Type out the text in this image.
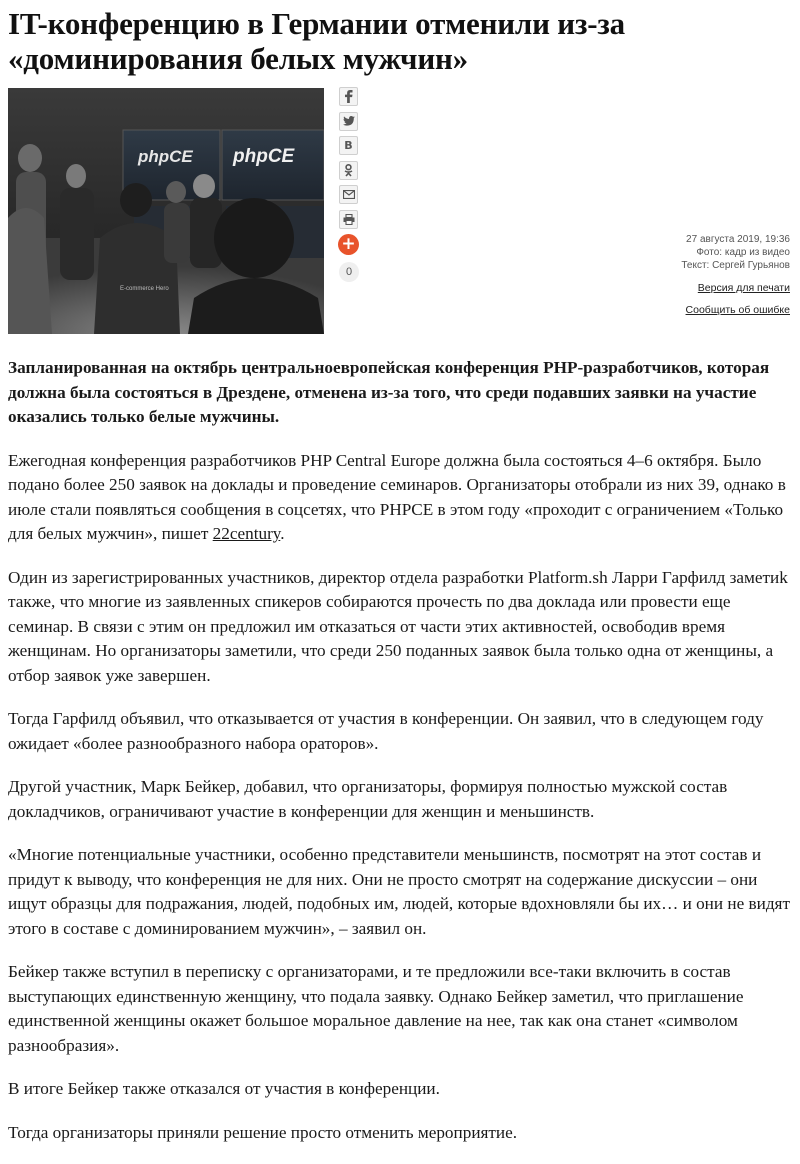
IT-конференцию в Германии отменили из-за «доминирования белых мужчин»
phpCE phpCE
E-commerce Hero
B
+
0
27 августа 2019, 19:36
Фото: кадр из видео
Текст: Сергей Гурьянов
Версия для печати
Сообщить об ошибке

Запланированная на октябрь центральноевропейская конференция PHP-разработчиков, которая должна была состояться в Дрездене, отменена из-за того, что среди подавших заявки на участие оказались только белые мужчины.

Ежегодная конференция разработчиков PHP Central Europe должна была состояться 4–6 октября. Было подано более 250 заявок на доклады и проведение семинаров. Организаторы отобрали из них 39, однако в июле стали появляться сообщения в соцсетях, что PHPCE в этом году «проходит с ограничением «Только для белых мужчин», пишет 22century.

Один из зарегистрированных участников, директор отдела разработки Platform.sh Ларри Гарфилд заметиk также, что многие из заявленных спикеров собираются прочесть по два доклада или провести еще семинар. В связи с этим он предложил им отказаться от части этих активностей, освободив время женщинам. Но организаторы заметили, что среди 250 поданных заявок была только одна от женщины, а отбор заявок уже завершен.

Тогда Гарфилд объявил, что отказывается от участия в конференции. Он заявил, что в следующем году ожидает «более разнообразного набора ораторов».

Другой участник, Марк Бейкер, добавил, что организаторы, формируя полностью мужской состав докладчиков, ограничивают участие в конференции для женщин и меньшинств.

«Многие потенциальные участники, особенно представители меньшинств, посмотрят на этот состав и придут к выводу, что конференция не для них. Они не просто смотрят на содержание дискуссии – они ищут образцы для подражания, людей, подобных им, людей, которые вдохновляли бы их… и они не видят этого в составе с доминированием мужчин», – заявил он.

Бейкер также вступил в переписку с организаторами, и те предложили все-таки включить в состав выступающих единственную женщину, что подала заявку. Однако Бейкер заметил, что приглашение единственной женщины окажет большое моральное давление на нее, так как она станет «символом разнообразия».

В итоге Бейкер также отказался от участия в конференции.

Тогда организаторы приняли решение просто отменить мероприятие.
